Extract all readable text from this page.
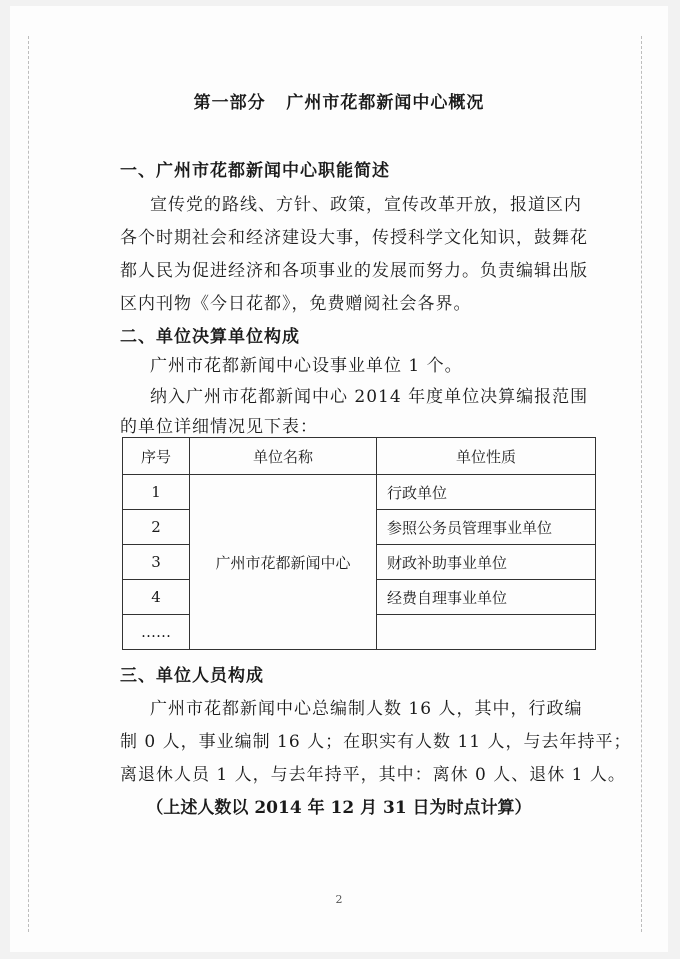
第一部分   广州市花都新闻中心概况
一、广州市花都新闻中心职能简述
宣传党的路线、方针、政策，宣传改革开放，报道区内
各个时期社会和经济建设大事，传授科学文化知识，鼓舞花
都人民为促进经济和各项事业的发展而努力。负责编辑出版
区内刊物《今日花都》，免费赠阅社会各界。
二、单位决算单位构成
广州市花都新闻中心设事业单位 1 个。
纳入广州市花都新闻中心 2014 年度单位决算编报范围
的单位详细情况见下表：
序号	单位名称	单位性质
1	广州市花都新闻中心	行政单位
2		参照公务员管理事业单位
3		财政补助事业单位
4		经费自理事业单位
……		
三、单位人员构成
广州市花都新闻中心总编制人数 16 人，其中，行政编
制 0 人，事业编制 16 人；在职实有人数 11 人，与去年持平；
离退休人员 1 人，与去年持平，其中：离休 0 人、退休 1 人。
（上述人数以 2014 年 12 月 31 日为时点计算）
2
